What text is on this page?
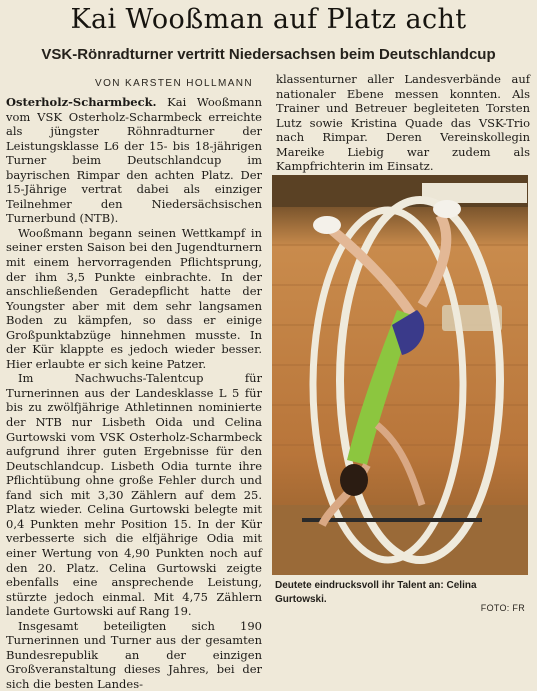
Kai Wooßman auf Platz acht
VSK-Rönradturner vertritt Niedersachsen beim Deutschlandcup
VON KARSTEN HOLLMANN

Osterholz-Scharmbeck. Kai Wooßmann vom VSK Osterholz-Scharmbeck erreichte als jüngster Röhnradturner der Leistungsklasse L6 der 15- bis 18-jährigen Turner beim Deutschlandcup im bayrischen Rimpar den achten Platz. Der 15-Jährige vertrat dabei als einziger Teilnehmer den Niedersächsischen Turnerbund (NTB).

Wooßmann begann seinen Wettkampf in seiner ersten Saison bei den Jugendturnern mit einem hervorragenden Pflichtsprung, der ihm 3,5 Punkte einbrachte. In der anschließenden Geradepflicht hatte der Youngster aber mit dem sehr langsamen Boden zu kämpfen, so dass er einige Großpunktabzüge hinnehmen musste. In der Kür klappte es jedoch wieder besser. Hier erlaubte er sich keine Patzer.

Im Nachwuchs-Talentcup für Turnerinnen aus der Landesklasse L 5 für bis zu zwölfjährige Athletinnen nominierte der NTB nur Lisbeth Oida und Celina Gurtowski vom VSK Osterholz-Scharmbeck aufgrund ihrer guten Ergebnisse für den Deutschlandcup. Lisbeth Odia turnte ihre Pflichtübung ohne große Fehler durch und fand sich mit 3,30 Zählern auf dem 25. Platz wieder. Celina Gurtowski belegte mit 0,4 Punkten mehr Position 15. In der Kür verbesserte sich die elfjährige Odia mit einer Wertung von 4,90 Punkten noch auf den 20. Platz. Celina Gurtowski zeigte ebenfalls eine ansprechende Leistung, stürzte jedoch einmal. Mit 4,75 Zählern landete Gurtowski auf Rang 19.

Insgesamt beteiligten sich 190 Turnerinnen und Turner aus der gesamten Bundesrepublik an der einzigen Großveranstaltung dieses Jahres, bei der sich die besten Landes-

klassenturner aller Landesverbände auf nationaler Ebene messen konnten. Als Trainer und Betreuer begleiteten Torsten Lutz sowie Kristina Quade das VSK-Trio nach Rimpar. Deren Vereinskollegin Mareike Liebig war zudem als Kampfrichterin im Einsatz.

Deutete eindrucksvoll ihr Talent an: Celina Gurtowski.
FOTO: FR
